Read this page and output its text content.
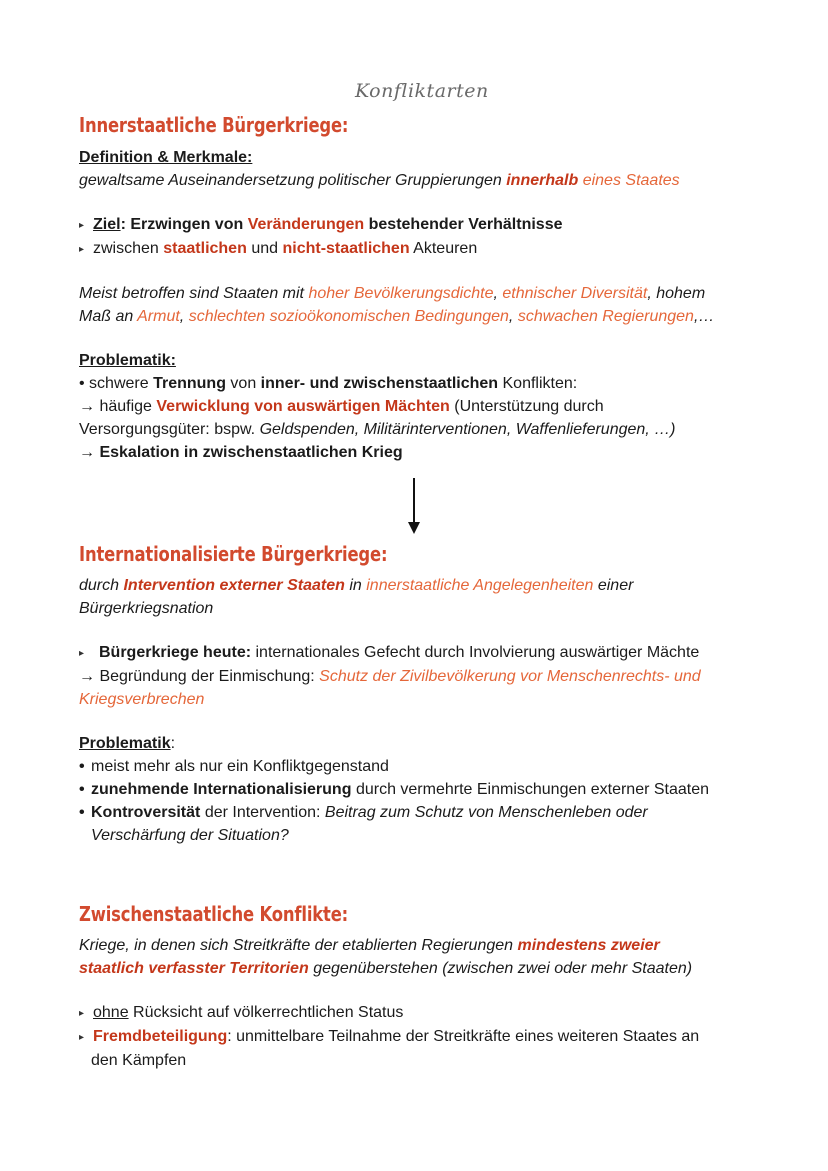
Konfliktarten
Innerstaatliche Bürgerkriege:
Definition & Merkmale:
gewaltsame Auseinandersetzung politischer Gruppierungen innerhalb eines Staates
▸ Ziel: Erzwingen von Veränderungen bestehender Verhältnisse
▸ zwischen staatlichen und nicht-staatlichen Akteuren
Meist betroffen sind Staaten mit hoher Bevölkerungsdichte, ethnischer Diversität, hohem
Maß an Armut, schlechten sozioökonomischen Bedingungen, schwachen Regierungen,…
Problematik:
• schwere Trennung von inner- und zwischenstaatlichen Konflikten:
→ häufige Verwicklung von auswärtigen Mächten (Unterstützung durch
Versorgungsgüter: bspw. Geldspenden, Militärinterventionen, Waffenlieferungen, …)
→ Eskalation in zwischenstaatlichen Krieg
Internationalisierte Bürgerkriege:
durch Intervention externer Staaten in innerstaatliche Angelegenheiten einer
Bürgerkriegsnation
▸ Bürgerkriege heute: internationales Gefecht durch Involvierung auswärtiger Mächte
→ Begründung der Einmischung: Schutz der Zivilbevölkerung vor Menschenrechts- und
Kriegsverbrechen
Problematik:
• meist mehr als nur ein Konfliktgegenstand
• zunehmende Internationalisierung durch vermehrte Einmischungen externer Staaten
• Kontroversität der Intervention: Beitrag zum Schutz von Menschenleben oder
Verschärfung der Situation?
Zwischenstaatliche Konflikte:
Kriege, in denen sich Streitkräfte der etablierten Regierungen mindestens zweier
staatlich verfasster Territorien gegenüberstehen (zwischen zwei oder mehr Staaten)
▸ ohne Rücksicht auf völkerrechtlichen Status
▸ Fremdbeteiligung: unmittelbare Teilnahme der Streitkräfte eines weiteren Staates an
den Kämpfen
